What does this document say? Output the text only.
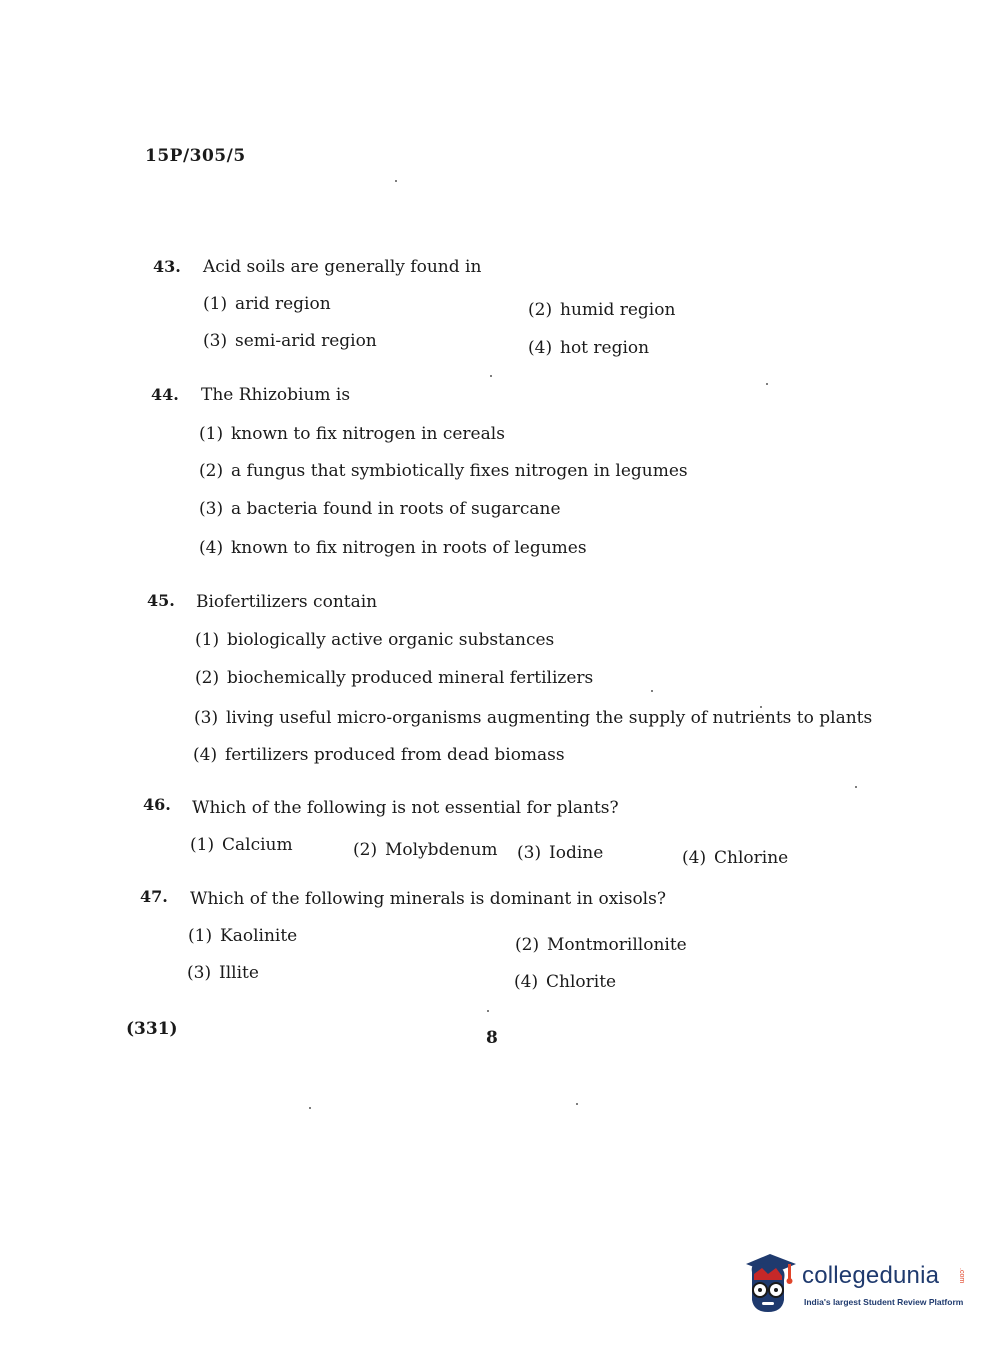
15P/305/5
43. Acid soils are generally found in
(1) arid region	(2) humid region
(3) semi-arid region	(4) hot region
44. The Rhizobium is
(1) known to fix nitrogen in cereals
(2) a fungus that symbiotically fixes nitrogen in legumes
(3) a bacteria found in roots of sugarcane
(4) known to fix nitrogen in roots of legumes
45. Biofertilizers contain
(1) biologically active organic substances
(2) biochemically produced mineral fertilizers
(3) living useful micro-organisms augmenting the supply of nutrients to plants
(4) fertilizers produced from dead biomass
46. Which of the following is not essential for plants?
(1) Calcium	(2) Molybdenum (3) Iodine	(4) Chlorine
47. Which of the following minerals is dominant in oxisols?
(1) Kaolinite	(2) Montmorillonite
(3) Illite	(4) Chlorite
(331)	8
collegedunia	.com
India's largest Student Review Platform
